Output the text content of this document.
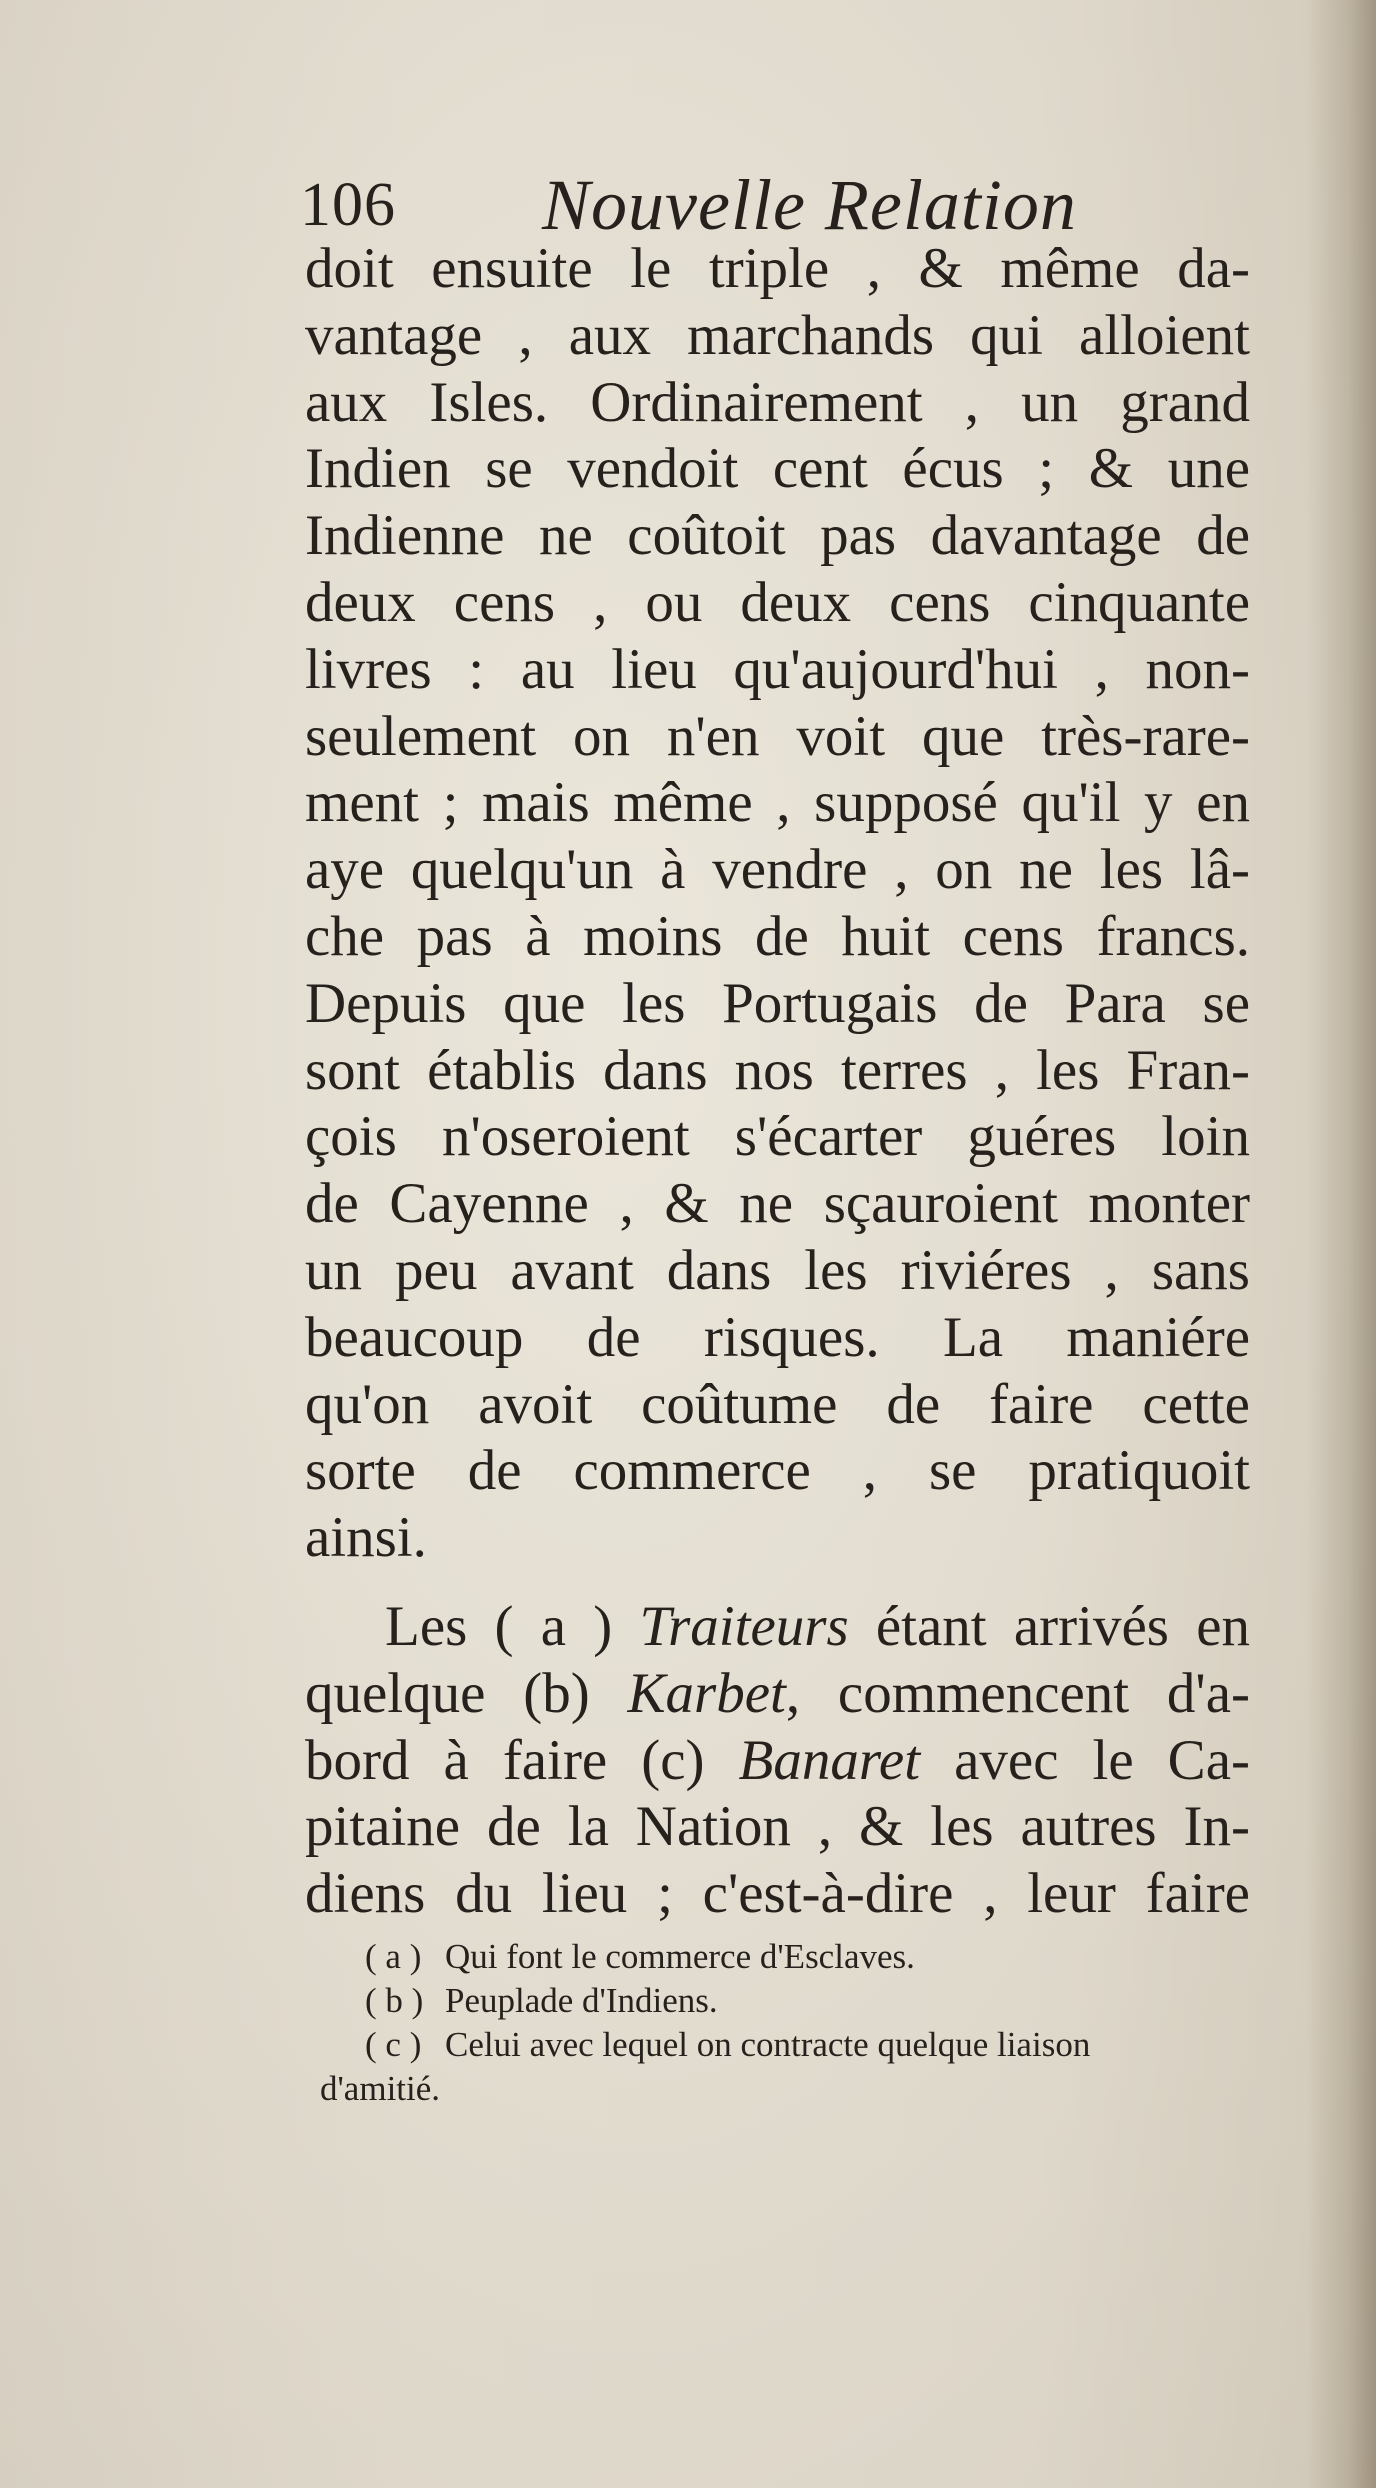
106 Nouvelle Relation
doit ensuite le triple , & même da-
vantage , aux marchands qui alloient
aux Isles. Ordinairement , un grand
Indien se vendoit cent écus ; & une
Indienne ne coûtoit pas davantage de
deux cens , ou deux cens cinquante
livres : au lieu qu'aujourd'hui , non-
seulement on n'en voit que très-rare-
ment ; mais même , supposé qu'il y en
aye quelqu'un à vendre , on ne les lâ-
che pas à moins de huit cens francs.
Depuis que les Portugais de Para se
sont établis dans nos terres , les Fran-
çois n'oseroient s'écarter guéres loin
de Cayenne , & ne sçauroient monter
un peu avant dans les riviéres , sans
beaucoup de risques. La maniére
qu'on avoit coûtume de faire cette
sorte de commerce , se pratiquoit
ainsi.
Les ( a ) Traiteurs étant arrivés en
quelque (b) Karbet, commencent d'a-
bord à faire (c) Banaret avec le Ca-
pitaine de la Nation , & les autres In-
diens du lieu ; c'est-à-dire , leur faire
( a ) Qui font le commerce d'Esclaves.
( b ) Peuplade d'Indiens.
( c ) Celui avec lequel on contracte quelque liaison
d'amitié.
